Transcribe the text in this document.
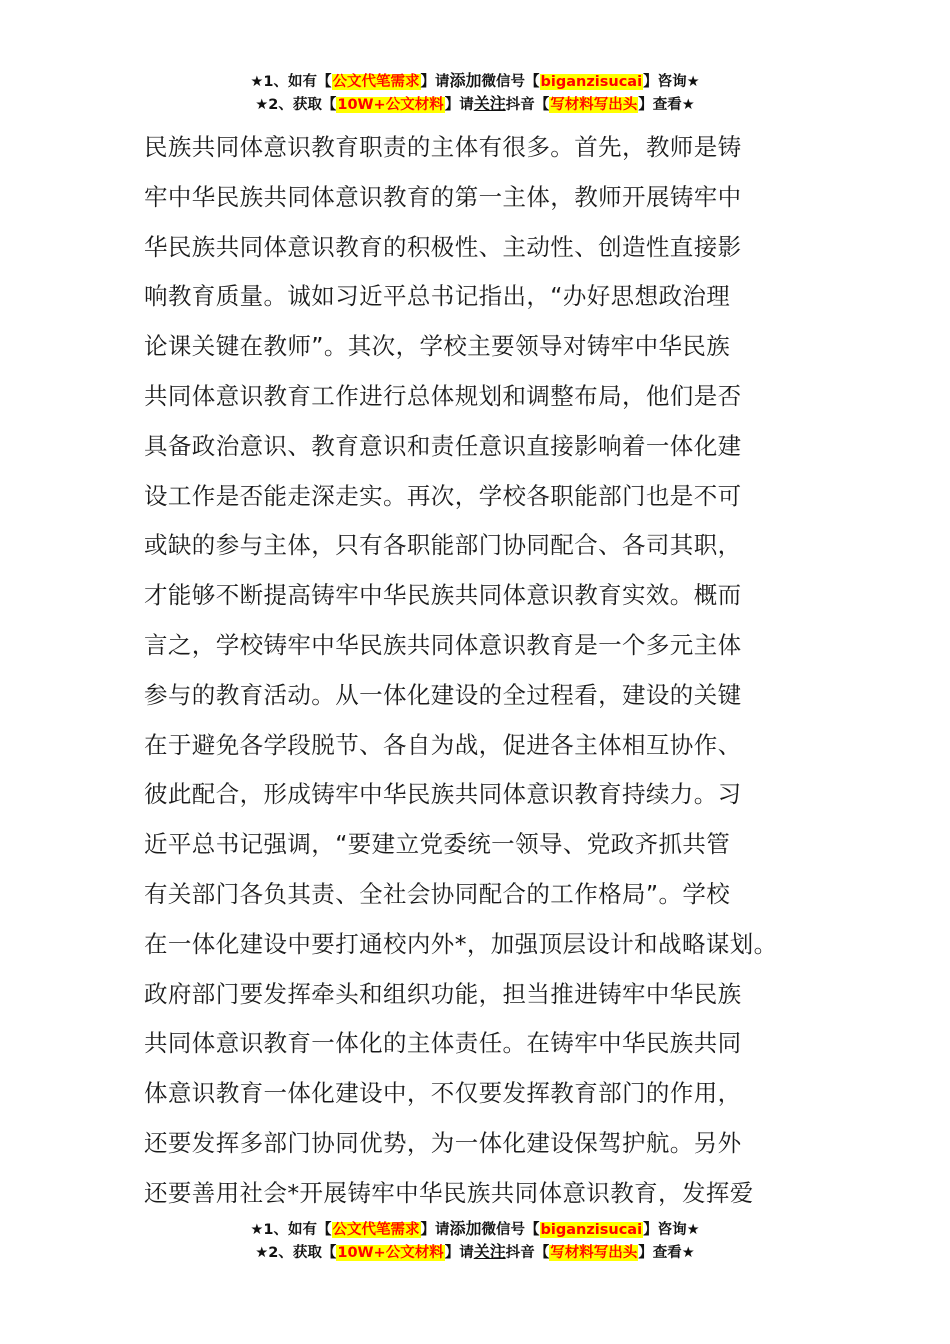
★1、如有【公文代笔需求】请添加微信号【biganzisucai】咨询★
★2、获取【10W+公文材料】请关注抖音【写材料写出头】查看★
民族共同体意识教育职责的主体有很多。首先，教师是铸
牢中华民族共同体意识教育的第一主体，教师开展铸牢中
华民族共同体意识教育的积极性、主动性、创造性直接影
响教育质量。诚如习近平总书记指出，“办好思想政治理
论课关键在教师”。其次，学校主要领导对铸牢中华民族
共同体意识教育工作进行总体规划和调整布局，他们是否
具备政治意识、教育意识和责任意识直接影响着一体化建
设工作是否能走深走实。再次，学校各职能部门也是不可
或缺的参与主体，只有各职能部门协同配合、各司其职，
才能够不断提高铸牢中华民族共同体意识教育实效。概而
言之，学校铸牢中华民族共同体意识教育是一个多元主体
参与的教育活动。从一体化建设的全过程看，建设的关键
在于避免各学段脱节、各自为战，促进各主体相互协作、
彼此配合，形成铸牢中华民族共同体意识教育持续力。习
近平总书记强调，“要建立党委统一领导、党政齐抓共管
有关部门各负其责、全社会协同配合的工作格局”。学校
在一体化建设中要打通校内外*，加强顶层设计和战略谋划。
政府部门要发挥牵头和组织功能，担当推进铸牢中华民族
共同体意识教育一体化的主体责任。在铸牢中华民族共同
体意识教育一体化建设中，不仅要发挥教育部门的作用，
还要发挥多部门协同优势，为一体化建设保驾护航。另外
还要善用社会*开展铸牢中华民族共同体意识教育，发挥爱
★1、如有【公文代笔需求】请添加微信号【biganzisucai】咨询★
★2、获取【10W+公文材料】请关注抖音【写材料写出头】查看★
